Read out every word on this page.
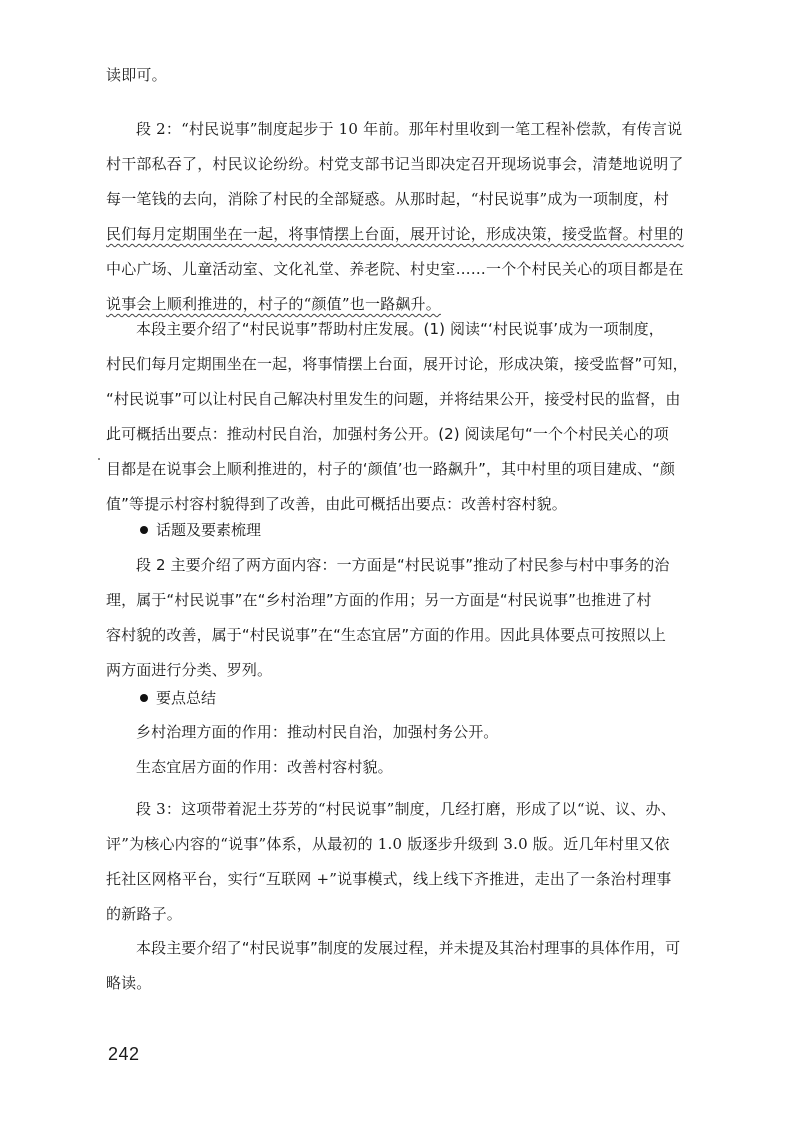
读即可。
段 2：“村民说事”制度起步于 10 年前。那年村里收到一笔工程补偿款，有传言说
村干部私吞了，村民议论纷纷。村党支部书记当即决定召开现场说事会，清楚地说明了
每一笔钱的去向，消除了村民的全部疑惑。从那时起，“村民说事”成为一项制度，村
民们每月定期围坐在一起，将事情摆上台面，展开讨论，形成决策，接受监督。村里的
中心广场、儿童活动室、文化礼堂、养老院、村史室……一个个村民关心的项目都是在
说事会上顺利推进的，村子的“颜值”也一路飙升。
本段主要介绍了“村民说事”帮助村庄发展。(1) 阅读“‘村民说事’成为一项制度，
村民们每月定期围坐在一起，将事情摆上台面，展开讨论，形成决策，接受监督”可知，
“村民说事”可以让村民自己解决村里发生的问题，并将结果公开，接受村民的监督，由
此可概括出要点：推动村民自治，加强村务公开。(2) 阅读尾句“一个个村民关心的项
目都是在说事会上顺利推进的，村子的‘颜值’也一路飙升”，其中村里的项目建成、“颜
值”等提示村容村貌得到了改善，由此可概括出要点：改善村容村貌。
话题及要素梳理
段 2 主要介绍了两方面内容：一方面是“村民说事”推动了村民参与村中事务的治
理，属于“村民说事”在“乡村治理”方面的作用；另一方面是“村民说事”也推进了村
容村貌的改善，属于“村民说事”在“生态宜居”方面的作用。因此具体要点可按照以上
两方面进行分类、罗列。
要点总结
乡村治理方面的作用：推动村民自治，加强村务公开。
生态宜居方面的作用：改善村容村貌。
段 3：这项带着泥土芬芳的“村民说事”制度，几经打磨，形成了以“说、议、办、
评”为核心内容的“说事”体系，从最初的 1.0 版逐步升级到 3.0 版。近几年村里又依
托社区网格平台，实行“互联网 +”说事模式，线上线下齐推进，走出了一条治村理事
的新路子。
本段主要介绍了“村民说事”制度的发展过程，并未提及其治村理事的具体作用，可
略读。
242
